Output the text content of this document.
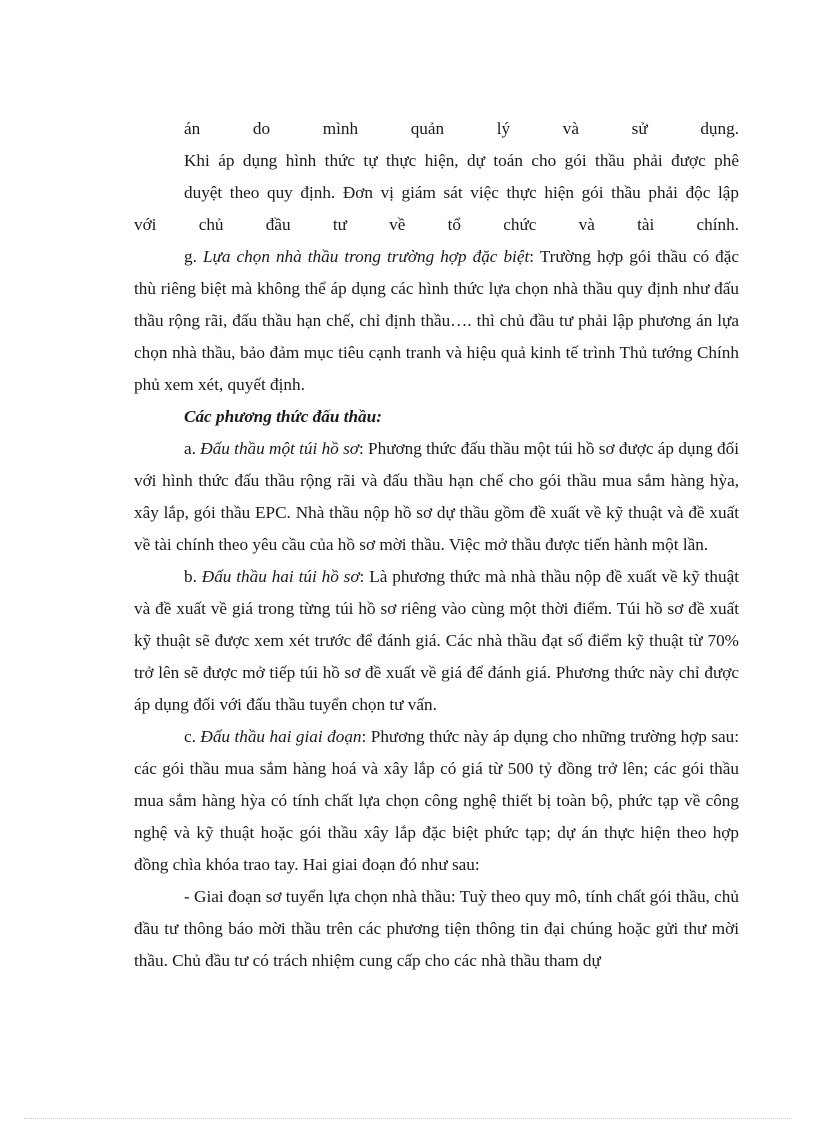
án do mình quản lý và sử dụng.

Khi áp dụng hình thức tự thực hiện, dự toán cho gói thầu phải được phê

duyệt theo quy định. Đơn vị giám sát việc thực hiện gói thầu phải độc lập

với chủ đầu tư về tổ chức và tài chính.

g. Lựa chọn nhà thầu trong trường hợp đặc biệt: Trường hợp gói thầu có đặc thù riêng biệt mà không thể áp dụng các hình thức lựa chọn nhà thầu quy định như đấu thầu rộng rãi, đấu thầu hạn chế, chỉ định thầu…. thì chủ đầu tư phải lập phương án lựa chọn nhà thầu, bảo đảm mục tiêu cạnh tranh và hiệu quả kinh tế trình Thủ tướng Chính phủ xem xét, quyết định.

Các phương thức đấu thầu:

a. Đấu thầu một túi hồ sơ: Phương thức đấu thầu một túi hồ sơ được áp dụng đối với hình thức đấu thầu rộng rãi và đấu thầu hạn chế cho gói thầu mua sắm hàng hỳa, xây lắp, gói thầu EPC. Nhà thầu nộp hồ sơ dự thầu gồm đề xuất về kỹ thuật và đề xuất về tài chính theo yêu cầu của hồ sơ mời thầu. Việc mở thầu được tiến hành một lần.

b. Đấu thầu hai túi hồ sơ: Là phương thức mà nhà thầu nộp đề xuất về kỹ thuật và đề xuất về giá trong từng túi hồ sơ riêng vào cùng một thời điểm. Túi hồ sơ đề xuất kỹ thuật sẽ được xem xét trước để đánh giá. Các nhà thầu đạt số điểm kỹ thuật từ 70% trở lên sẽ được mở tiếp túi hồ sơ đề xuất về giá để đánh giá. Phương thức này chỉ được áp dụng đối với đấu thầu tuyển chọn tư vấn.

c. Đấu thầu hai giai đoạn: Phương thức này áp dụng cho những trường hợp sau: các gói thầu mua sắm hàng hoá và xây lắp có giá từ 500 tỷ đồng trở lên; các gói thầu mua sắm hàng hỳa có tính chất lựa chọn công nghệ thiết bị toàn bộ, phức tạp về công nghệ và kỹ thuật hoặc gói thầu xây lắp đặc biệt phức tạp; dự án thực hiện theo hợp đồng chìa khóa trao tay. Hai giai đoạn đó như sau:

- Giai đoạn sơ tuyển lựa chọn nhà thầu: Tuỳ theo quy mô, tính chất gói thầu, chủ đầu tư thông báo mời thầu trên các phương tiện thông tin đại chúng hoặc gửi thư mời thầu. Chủ đầu tư có trách nhiệm cung cấp cho các nhà thầu tham dự
